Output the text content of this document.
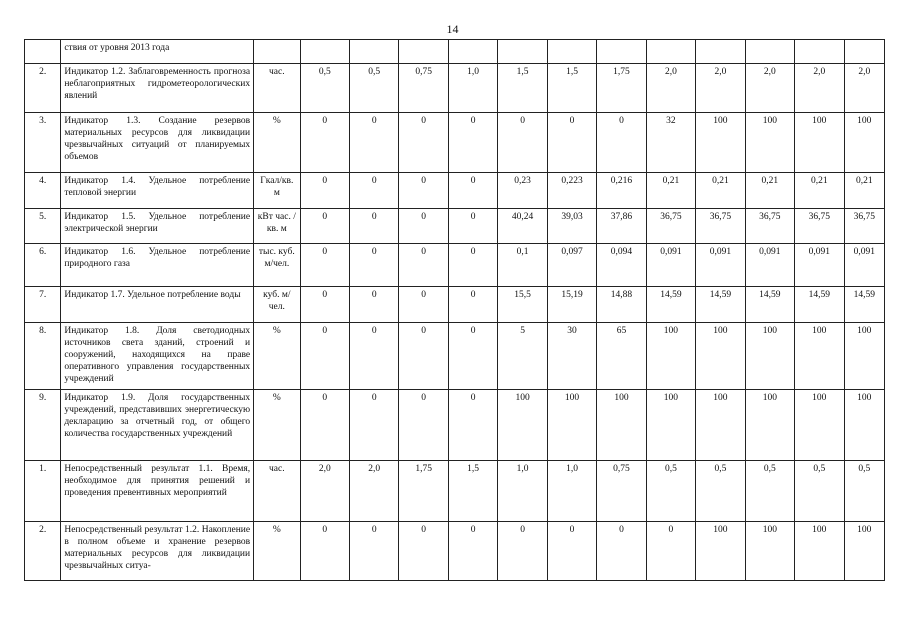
14
	ствия от уровня 2013 года													
2.	Индикатор 1.2. Заблаговременность прогноза неблагоприятных гидрометеорологических явлений	час.	0,5	0,5	0,75	1,0	1,5	1,5	1,75	2,0	2,0	2,0	2,0	2,0
3.	Индикатор 1.3. Создание резервов материальных ресурсов для ликвидации чрезвычайных ситуаций от планируемых объемов	%	0	0	0	0	0	0	0	32	100	100	100	100
4.	Индикатор 1.4. Удельное потребление тепловой энергии	Гкал/кв. м	0	0	0	0	0,23	0,223	0,216	0,21	0,21	0,21	0,21	0,21
5.	Индикатор 1.5. Удельное потребление электрической энергии	кВт час. /кв. м	0	0	0	0	40,24	39,03	37,86	36,75	36,75	36,75	36,75	36,75
6.	Индикатор 1.6. Удельное потребление природного газа	тыс. куб. м/чел.	0	0	0	0	0,1	0,097	0,094	0,091	0,091	0,091	0,091	0,091
7.	Индикатор 1.7. Удельное потребление воды	куб. м/чел.	0	0	0	0	15,5	15,19	14,88	14,59	14,59	14,59	14,59	14,59
8.	Индикатор 1.8. Доля светодиодных источников света зданий, строений и сооружений, находящихся на праве оперативного управления государственных учреждений	%	0	0	0	0	5	30	65	100	100	100	100	100
9.	Индикатор 1.9. Доля государственных учреждений, представивших энергетическую декларацию за отчетный год, от общего количества государственных учреждений	%	0	0	0	0	100	100	100	100	100	100	100	100
1.	Непосредственный результат 1.1. Время, необходимое для принятия решений и проведения превентивных мероприятий	час.	2,0	2,0	1,75	1,5	1,0	1,0	0,75	0,5	0,5	0,5	0,5	0,5
2.	Непосредственный результат 1.2. Накопление в полном объеме и хранение резервов материальных ресурсов для ликвидации чрезвычайных ситуа-	%	0	0	0	0	0	0	0	0	100	100	100	100
